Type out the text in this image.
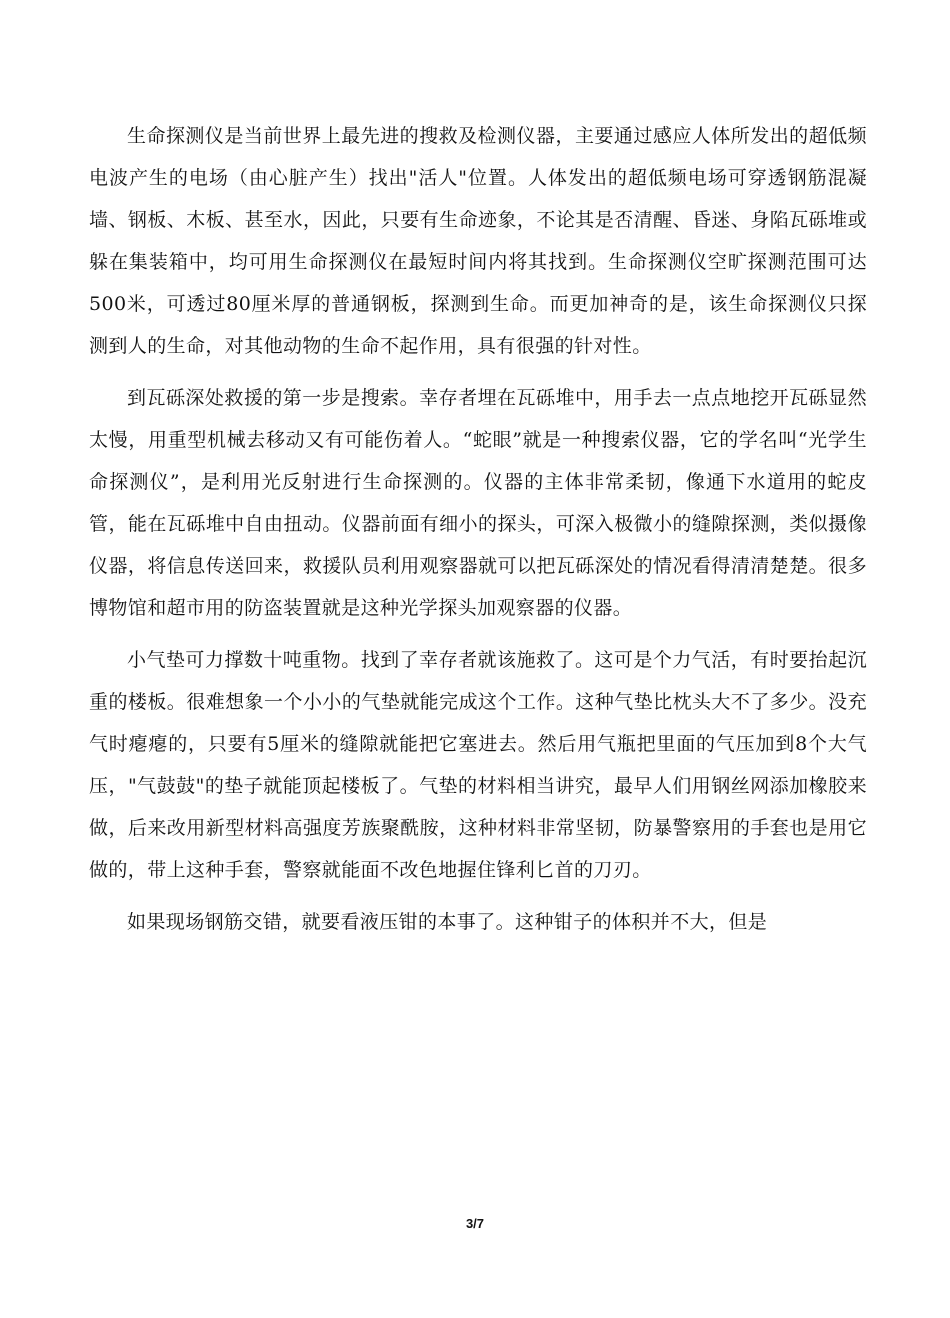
生命探测仪是当前世界上最先进的搜救及检测仪器，主要通过感应人体所发出的超低频电波产生的电场（由心脏产生）找出"活人"位置。人体发出的超低频电场可穿透钢筋混凝墙、钢板、木板、甚至水，因此，只要有生命迹象，不论其是否清醒、昏迷、身陷瓦砾堆或躲在集装箱中，均可用生命探测仪在最短时间内将其找到。生命探测仪空旷探测范围可达500米，可透过80厘米厚的普通钢板，探测到生命。而更加神奇的是，该生命探测仪只探测到人的生命，对其他动物的生命不起作用，具有很强的针对性。

到瓦砾深处救援的第一步是搜索。幸存者埋在瓦砾堆中，用手去一点点地挖开瓦砾显然太慢，用重型机械去移动又有可能伤着人。“蛇眼”就是一种搜索仪器，它的学名叫“光学生命探测仪”，是利用光反射进行生命探测的。仪器的主体非常柔韧，像通下水道用的蛇皮管，能在瓦砾堆中自由扭动。仪器前面有细小的探头，可深入极微小的缝隙探测，类似摄像仪器，将信息传送回来，救援队员利用观察器就可以把瓦砾深处的情况看得清清楚楚。很多博物馆和超市用的防盗装置就是这种光学探头加观察器的仪器。

小气垫可力撑数十吨重物。找到了幸存者就该施救了。这可是个力气活，有时要抬起沉重的楼板。很难想象一个小小的气垫就能完成这个工作。这种气垫比枕头大不了多少。没充气时瘪瘪的，只要有5厘米的缝隙就能把它塞进去。然后用气瓶把里面的气压加到8个大气压，"气鼓鼓"的垫子就能顶起楼板了。气垫的材料相当讲究，最早人们用钢丝网添加橡胶来做，后来改用新型材料高强度芳族聚酰胺，这种材料非常坚韧，防暴警察用的手套也是用它做的，带上这种手套，警察就能面不改色地握住锋利匕首的刀刃。

如果现场钢筋交错，就要看液压钳的本事了。这种钳子的体积并不大，但是

3/7
